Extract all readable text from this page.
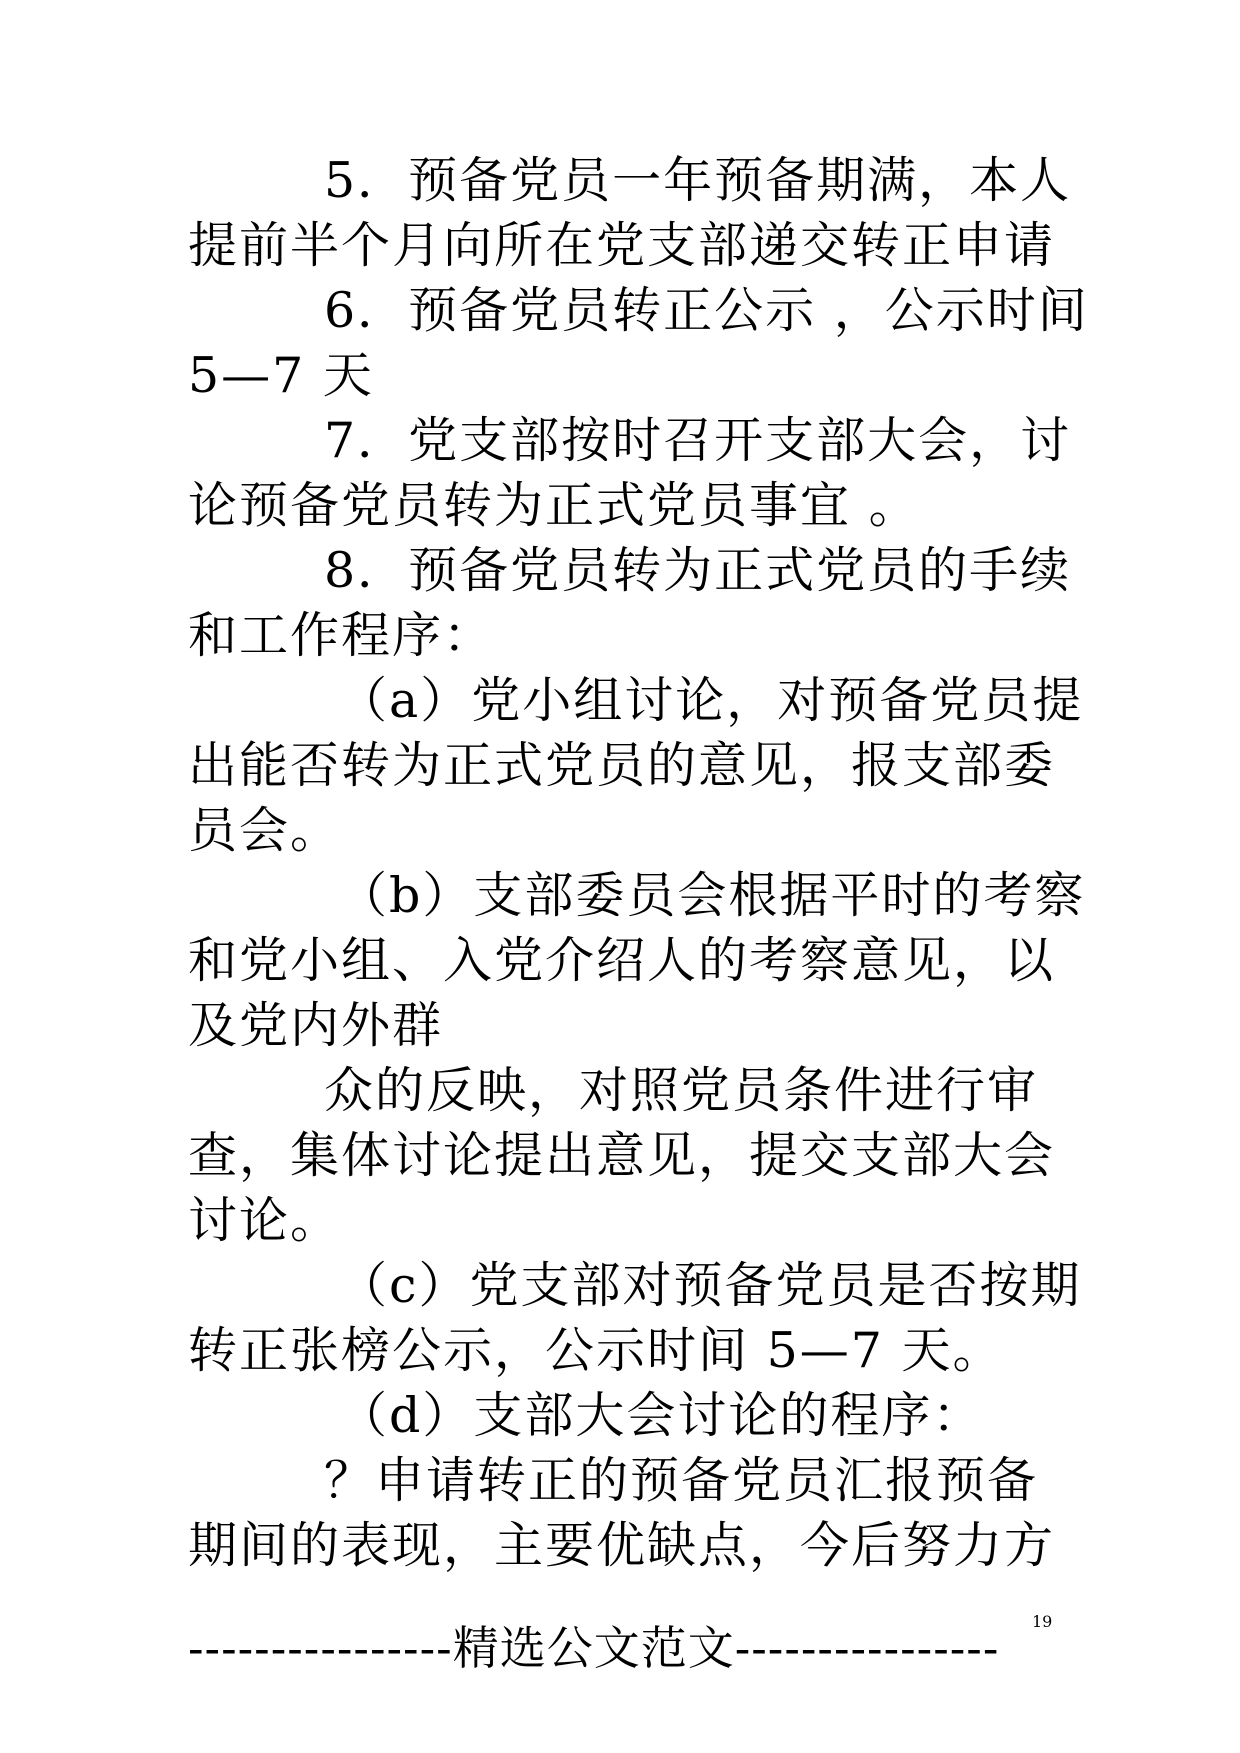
5．预备党员一年预备期满，本人
提前半个月向所在党支部递交转正申请
6．预备党员转正公示 ，公示时间
5—7 天
7．党支部按时召开支部大会，讨
论预备党员转为正式党员事宜 。
8．预备党员转为正式党员的手续
和工作程序：
（a）党小组讨论，对预备党员提
出能否转为正式党员的意见，报支部委
员会。
（b）支部委员会根据平时的考察
和党小组、入党介绍人的考察意见，以
及党内外群
众的反映，对照党员条件进行审
查，集体讨论提出意见，提交支部大会
讨论。
（c）党支部对预备党员是否按期
转正张榜公示，公示时间 5—7 天。
（d）支部大会讨论的程序：
？申请转正的预备党员汇报预备
期间的表现，主要优缺点，今后努力方
19
----------------精选公文范文----------------
